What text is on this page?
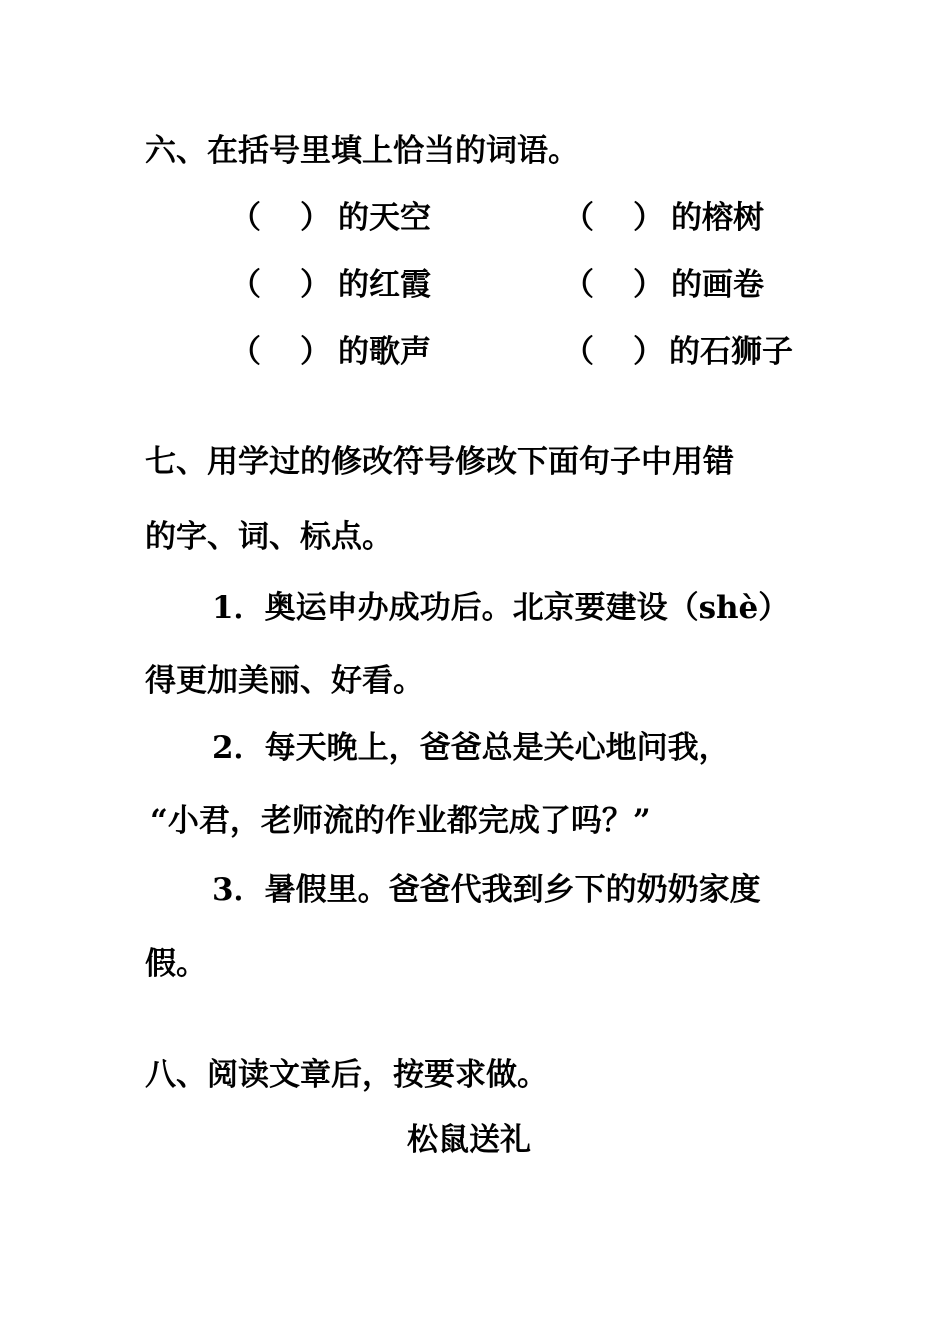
六、在括号里填上恰当的词语。
（ ） 的天空	（ ） 的榕树
（ ） 的红霞	（ ） 的画卷
（ ） 的歌声	（ ） 的石狮子
七、用学过的修改符号修改下面句子中用错

的字、词、标点。

1．奥运申办成功后。北京要建设（shè）

得更加美丽、好看。

2．每天晚上，爸爸总是关心地问我，

“小君，老师流的作业都完成了吗？”

3．暑假里。爸爸代我到乡下的奶奶家度

假。

八、阅读文章后，按要求做。
松鼠送礼
